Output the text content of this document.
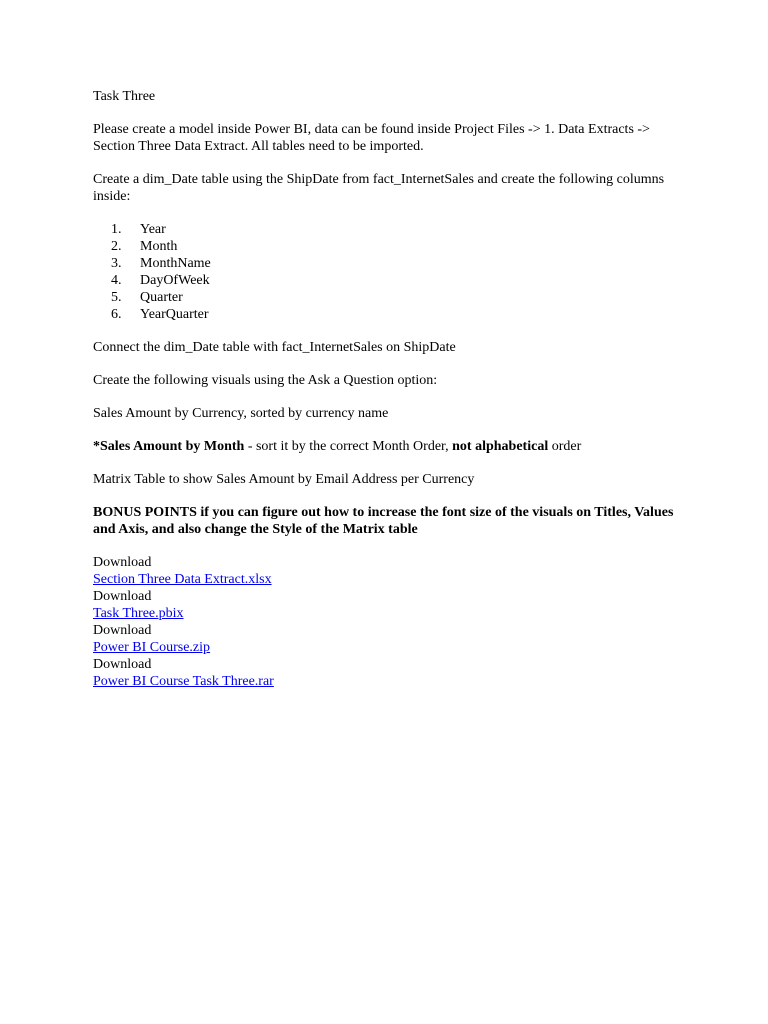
Task Three

Please create a model inside Power BI, data can be found inside Project Files -> 1. Data Extracts -> Section Three Data Extract. All tables need to be imported.

Create a dim_Date table using the ShipDate from fact_InternetSales and create the following columns inside:

1.	Year
2.	Month
3.	MonthName
4.	DayOfWeek
5.	Quarter
6.	YearQuarter

Connect the dim_Date table with fact_InternetSales on ShipDate

Create the following visuals using the Ask a Question option:

Sales Amount by Currency, sorted by currency name

*Sales Amount by Month - sort it by the correct Month Order, not alphabetical order

Matrix Table to show Sales Amount by Email Address per Currency

BONUS POINTS if you can figure out how to increase the font size of the visuals on Titles, Values and Axis, and also change the Style of the Matrix table

Download
Section Three Data Extract.xlsx
Download
Task Three.pbix
Download
Power BI Course.zip
Download
Power BI Course Task Three.rar
